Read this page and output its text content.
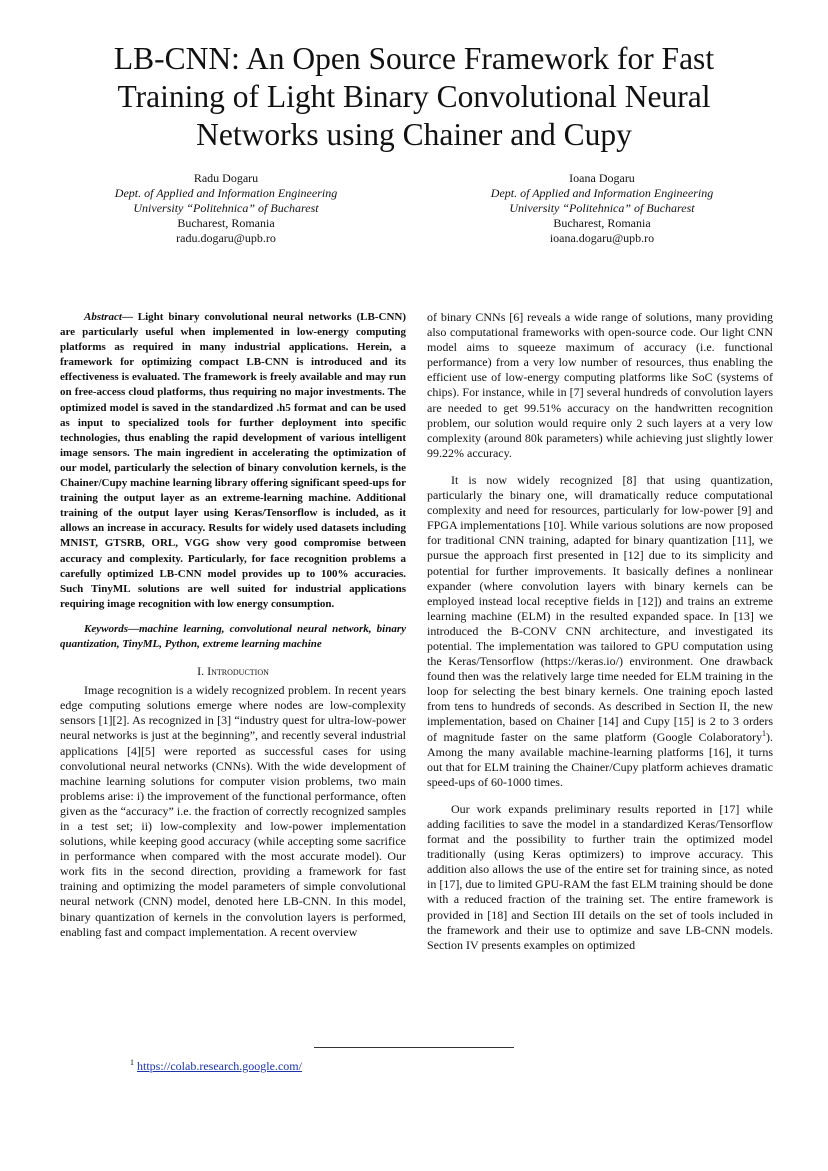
LB-CNN: An Open Source Framework for Fast Training of Light Binary Convolutional Neural Networks using Chainer and Cupy
Radu Dogaru
Dept. of Applied and Information Engineering
University “Politehnica” of Bucharest
Bucharest, Romania
radu.dogaru@upb.ro
Ioana Dogaru
Dept. of Applied and Information Engineering
University “Politehnica” of Bucharest
Bucharest, Romania
ioana.dogaru@upb.ro

Abstract— Light binary convolutional neural networks (LB-CNN) are particularly useful when implemented in low-energy computing platforms as required in many industrial applications. Herein, a framework for optimizing compact LB-CNN is introduced and its effectiveness is evaluated. The framework is freely available and may run on free-access cloud platforms, thus requiring no major investments. The optimized model is saved in the standardized .h5 format and can be used as input to specialized tools for further deployment into specific technologies, thus enabling the rapid development of various intelligent image sensors. The main ingredient in accelerating the optimization of our model, particularly the selection of binary convolution kernels, is the Chainer/Cupy machine learning library offering significant speed-ups for training the output layer as an extreme-learning machine. Additional training of the output layer using Keras/Tensorflow is included, as it allows an increase in accuracy. Results for widely used datasets including MNIST, GTSRB, ORL, VGG show very good compromise between accuracy and complexity. Particularly, for face recognition problems a carefully optimized LB-CNN model provides up to 100% accuracies. Such TinyML solutions are well suited for industrial applications requiring image recognition with low energy consumption.

Keywords—machine learning, convolutional neural network, binary quantization, TinyML, Python, extreme learning machine

I. Introduction

Image recognition is a widely recognized problem. In recent years edge computing solutions emerge where nodes are low-complexity sensors [1][2]. As recognized in [3] “industry quest for ultra-low-power neural networks is just at the beginning”, and recently several industrial applications [4][5] were reported as successful cases for using convolutional neural networks (CNNs). With the wide development of machine learning solutions for computer vision problems, two main problems arise: i) the improvement of the functional performance, often given as the “accuracy” i.e. the fraction of correctly recognized samples in a test set; ii) low-complexity and low-power implementation solutions, while keeping good accuracy (while accepting some sacrifice in performance when compared with the most accurate model). Our work fits in the second direction, providing a framework for fast training and optimizing the model parameters of simple convolutional neural network (CNN) model, denoted here LB-CNN. In this model, binary quantization of kernels in the convolution layers is performed, enabling fast and compact implementation. A recent overview

of binary CNNs [6] reveals a wide range of solutions, many providing also computational frameworks with open-source code. Our light CNN model aims to squeeze maximum of accuracy (i.e. functional performance) from a very low number of resources, thus enabling the efficient use of low-energy computing platforms like SoC (systems of chips). For instance, while in [7] several hundreds of convolution layers are needed to get 99.51% accuracy on the handwritten recognition problem, our solution would require only 2 such layers at a very low complexity (around 80k parameters) while achieving just slightly lower 99.22% accuracy.

It is now widely recognized [8] that using quantization, particularly the binary one, will dramatically reduce computational complexity and need for resources, particularly for low-power [9] and FPGA implementations [10]. While various solutions are now proposed for traditional CNN training, adapted for binary quantization [11], we pursue the approach first presented in [12] due to its simplicity and potential for further improvements. It basically defines a nonlinear expander (where convolution layers with binary kernels can be employed instead local receptive fields in [12]) and trains an extreme learning machine (ELM) in the resulted expanded space. In [13] we introduced the B-CONV CNN architecture, and investigated its potential. The implementation was tailored to GPU computation using the Keras/Tensorflow (https://keras.io/) environment. One drawback found then was the relatively large time needed for ELM training in the loop for selecting the best binary kernels. One training epoch lasted from tens to hundreds of seconds. As described in Section II, the new implementation, based on Chainer [14] and Cupy [15] is 2 to 3 orders of magnitude faster on the same platform (Google Colaboratory$^1$). Among the many available machine-learning platforms [16], it turns out that for ELM training the Chainer/Cupy platform achieves dramatic speed-ups of 60-1000 times.

Our work expands preliminary results reported in [17] while adding facilities to save the model in a standardized Keras/Tensorflow format and the possibility to further train the optimized model traditionally (using Keras optimizers) to improve accuracy. This addition also allows the use of the entire set for training since, as noted in [17], due to limited GPU-RAM the fast ELM training should be done with a reduced fraction of the training set. The entire framework is provided in [18] and Section III details on the set of tools included in the framework and their use to optimize and save LB-CNN models. Section IV presents examples on optimized

$^1$ https://colab.research.google.com/
